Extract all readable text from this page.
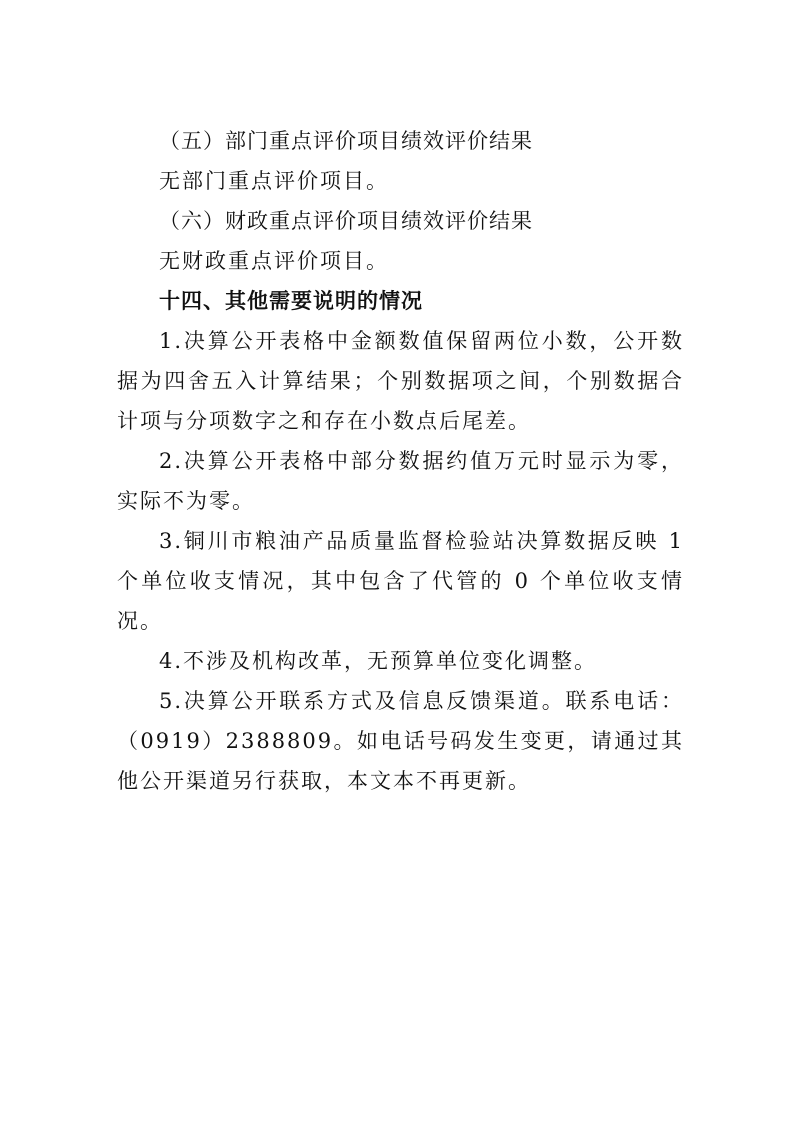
（五）部门重点评价项目绩效评价结果

无部门重点评价项目。

（六）财政重点评价项目绩效评价结果

无财政重点评价项目。

十四、其他需要说明的情况

1.决算公开表格中金额数值保留两位小数，公开数据为四舍五入计算结果；个别数据项之间，个别数据合计项与分项数字之和存在小数点后尾差。

2.决算公开表格中部分数据约值万元时显示为零，实际不为零。

3.铜川市粮油产品质量监督检验站决算数据反映 1 个单位收支情况，其中包含了代管的 0 个单位收支情况。

4.不涉及机构改革，无预算单位变化调整。

5.决算公开联系方式及信息反馈渠道。联系电话：（0919）2388809。如电话号码发生变更，请通过其他公开渠道另行获取，本文本不再更新。
